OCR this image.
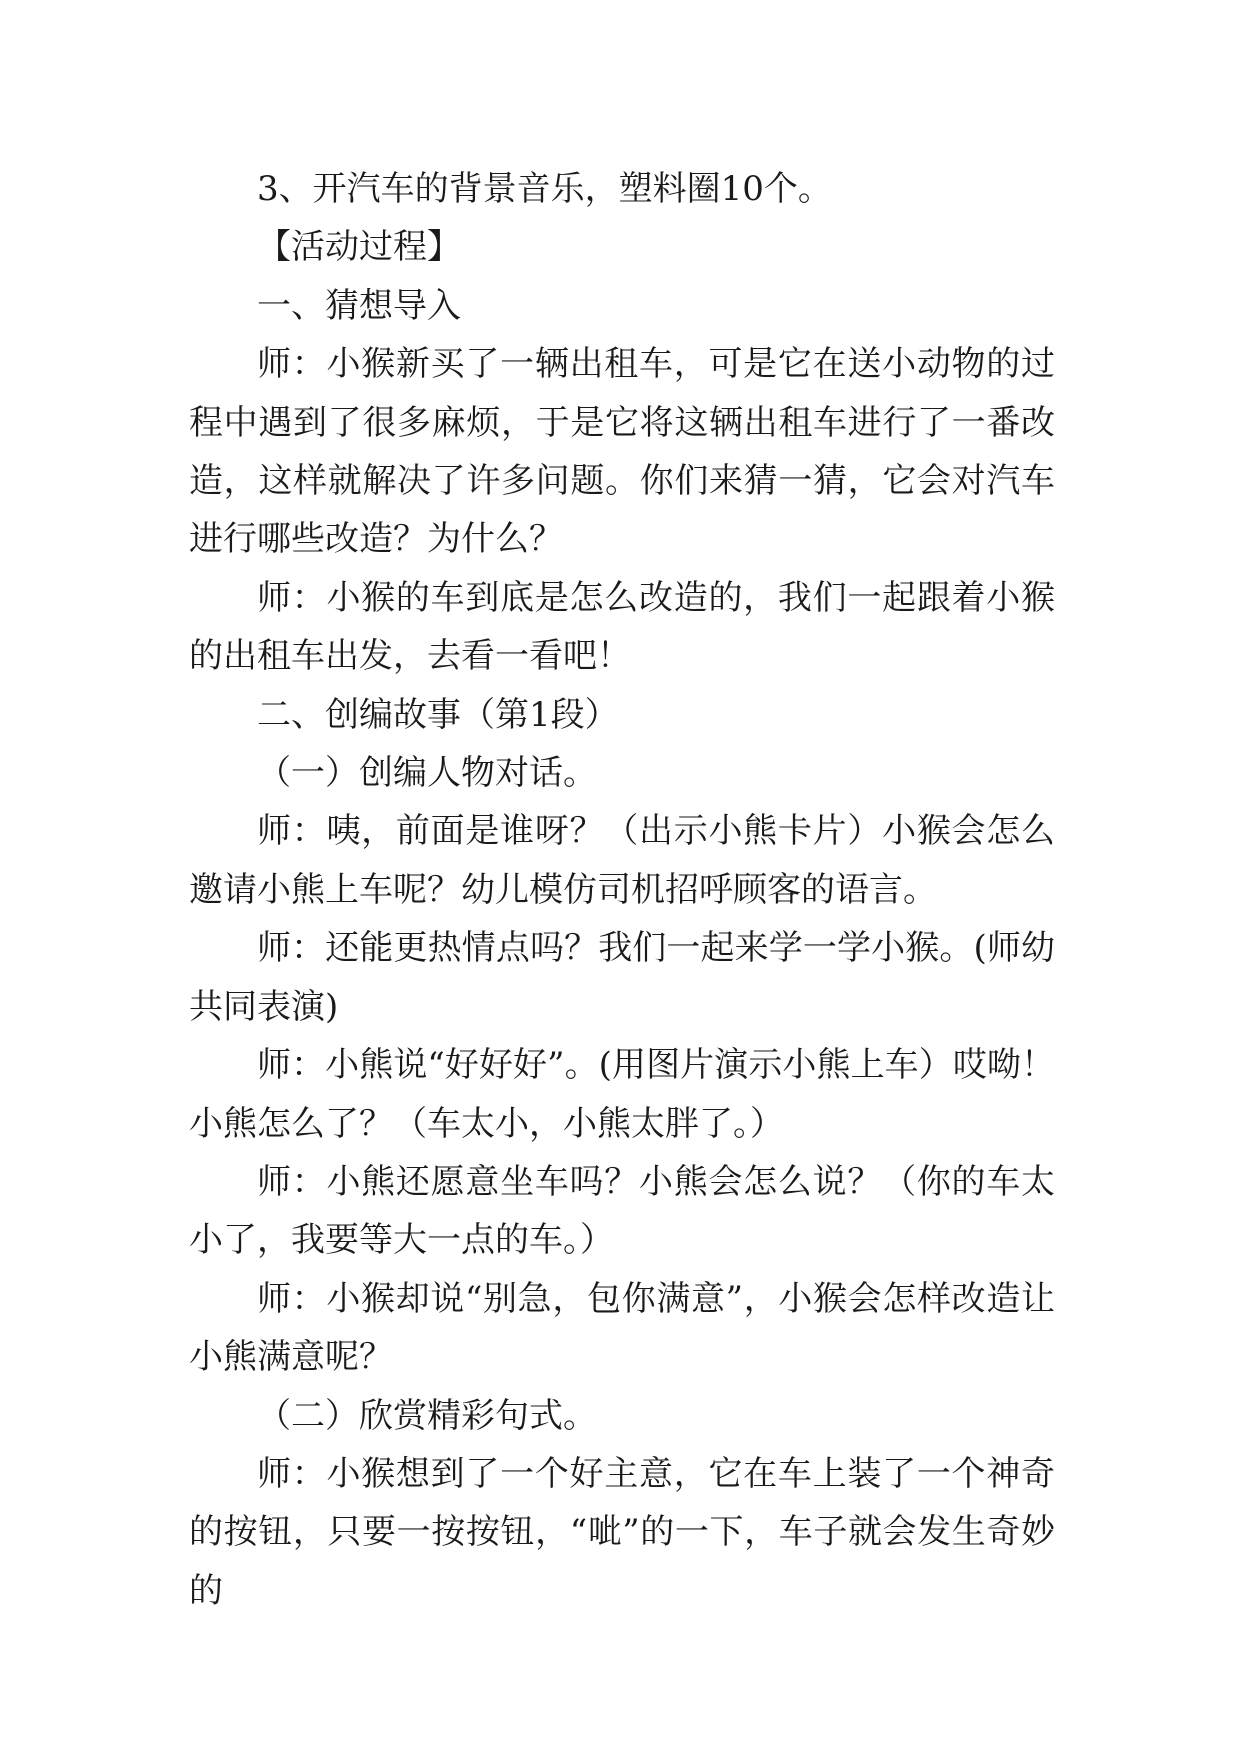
3、开汽车的背景音乐，塑料圈10个。

【活动过程】

一、猜想导入

师：小猴新买了一辆出租车，可是它在送小动物的过程中遇到了很多麻烦，于是它将这辆出租车进行了一番改造，这样就解决了许多问题。你们来猜一猜，它会对汽车进行哪些改造？为什么？

师：小猴的车到底是怎么改造的，我们一起跟着小猴的出租车出发，去看一看吧！

二、创编故事（第1段）

（一）创编人物对话。

师：咦，前面是谁呀？（出示小熊卡片）小猴会怎么邀请小熊上车呢？幼儿模仿司机招呼顾客的语言。

师：还能更热情点吗？我们一起来学一学小猴。(师幼共同表演)

师：小熊说“好好好”。(用图片演示小熊上车）哎呦！小熊怎么了？（车太小，小熊太胖了。）

师：小熊还愿意坐车吗？小熊会怎么说？（你的车太小了，我要等大一点的车。）

师：小猴却说“别急，包你满意”，小猴会怎样改造让小熊满意呢？

（二）欣赏精彩句式。

师：小猴想到了一个好主意，它在车上装了一个神奇的按钮，只要一按按钮，“呲”的一下，车子就会发生奇妙的
